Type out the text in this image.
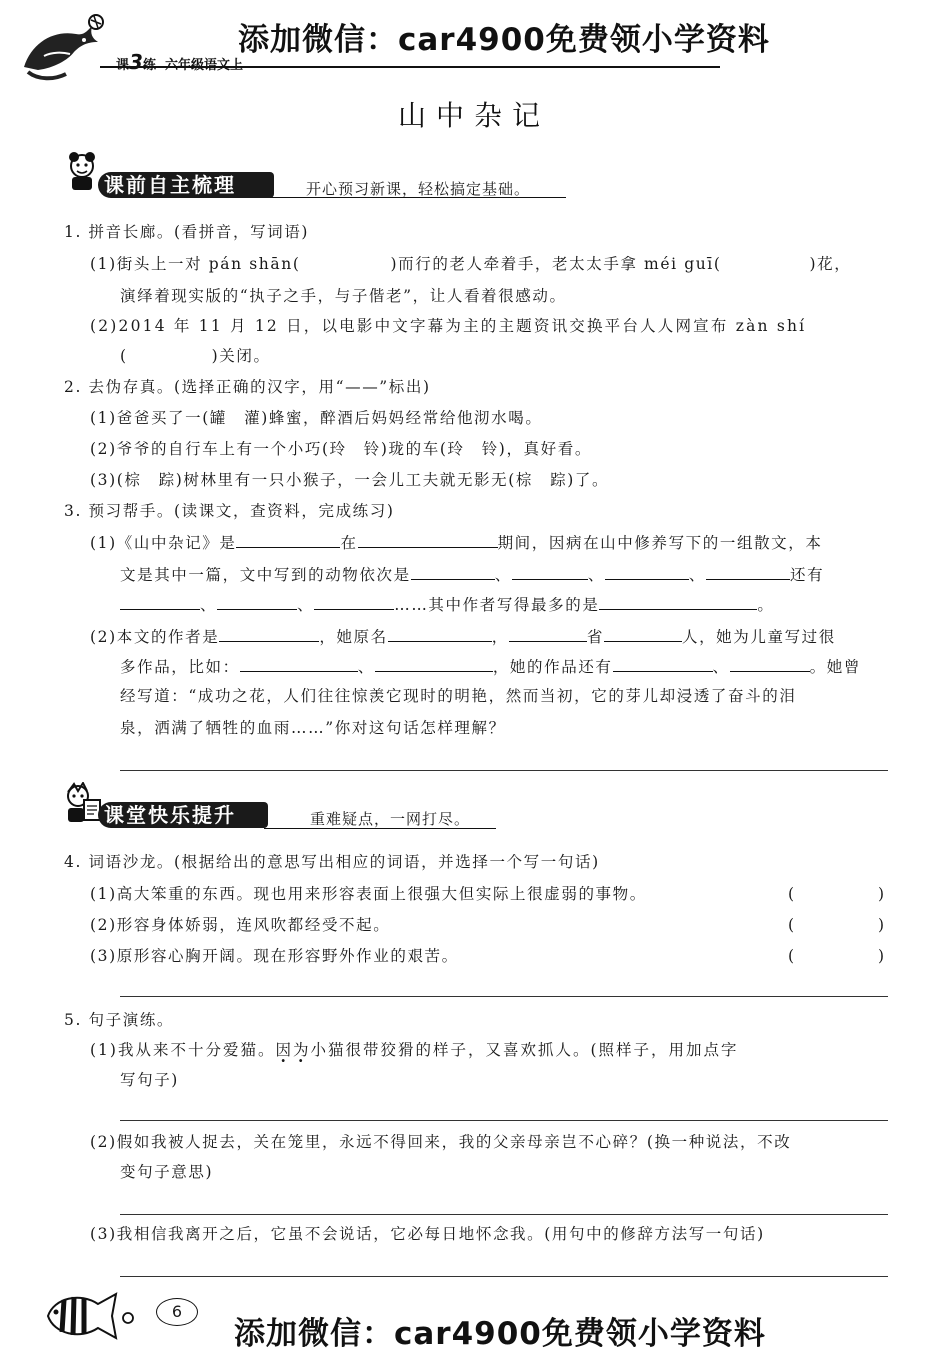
课3练 六年级语文上
添加微信：car4900免费领小学资料
山中杂记
课前自主梳理	开心预习新课，轻松搞定基础。
1. 拼音长廊。(看拼音，写词语)
(1)街头上一对 pán shān(	)而行的老人牵着手，老太太手拿 méi guī(	)花，
演绎着现实版的“执子之手，与子偕老”，让人看着很感动。
(2)2014 年 11 月 12 日，以电影中文字幕为主的主题资讯交换平台人人网宣布 zàn shí
(	)关闭。
2. 去伪存真。(选择正确的汉字，用“——”标出)
(1)爸爸买了一(罐　灌)蜂蜜，醉酒后妈妈经常给他沏水喝。
(2)爷爷的自行车上有一个小巧(玲　铃)珑的车(玲　铃)，真好看。
(3)(棕　踪)树林里有一只小猴子，一会儿工夫就无影无(棕　踪)了。
3. 预习帮手。(读课文，查资料，完成练习)
(1)《山中杂记》是	在	期间，因病在山中修养写下的一组散文，本
文是其中一篇，文中写到的动物依次是	、	、	、	还有
、	、	……其中作者写得最多的是	。
(2)本文的作者是	，她原名	，	省	人，她为儿童写过很
多作品，比如：	、	，她的作品还有	、	。她曾
经写道：“成功之花，人们往往惊羡它现时的明艳，然而当初，它的芽儿却浸透了奋斗的泪
泉，洒满了牺牲的血雨……”你对这句话怎样理解？
课堂快乐提升	重难疑点，一网打尽。
4. 词语沙龙。(根据给出的意思写出相应的词语，并选择一个写一句话)
(1)高大笨重的东西。现也用来形容表面上很强大但实际上很虚弱的事物。	(	)
(2)形容身体娇弱，连风吹都经受不起。	(	)
(3)原形容心胸开阔。现在形容野外作业的艰苦。	(	)
5. 句子演练。
(1)我从来不十分爱猫。因为小猫很带狡猾的样子，又喜欢抓人。(照样子，用加点字
写句子)
(2)假如我被人捉去，关在笼里，永远不得回来，我的父亲母亲岂不心碎？(换一种说法，不改
变句子意思)
(3)我相信我离开之后，它虽不会说话，它必每日地怀念我。(用句中的修辞方法写一句话)
6
添加微信：car4900免费领小学资料
